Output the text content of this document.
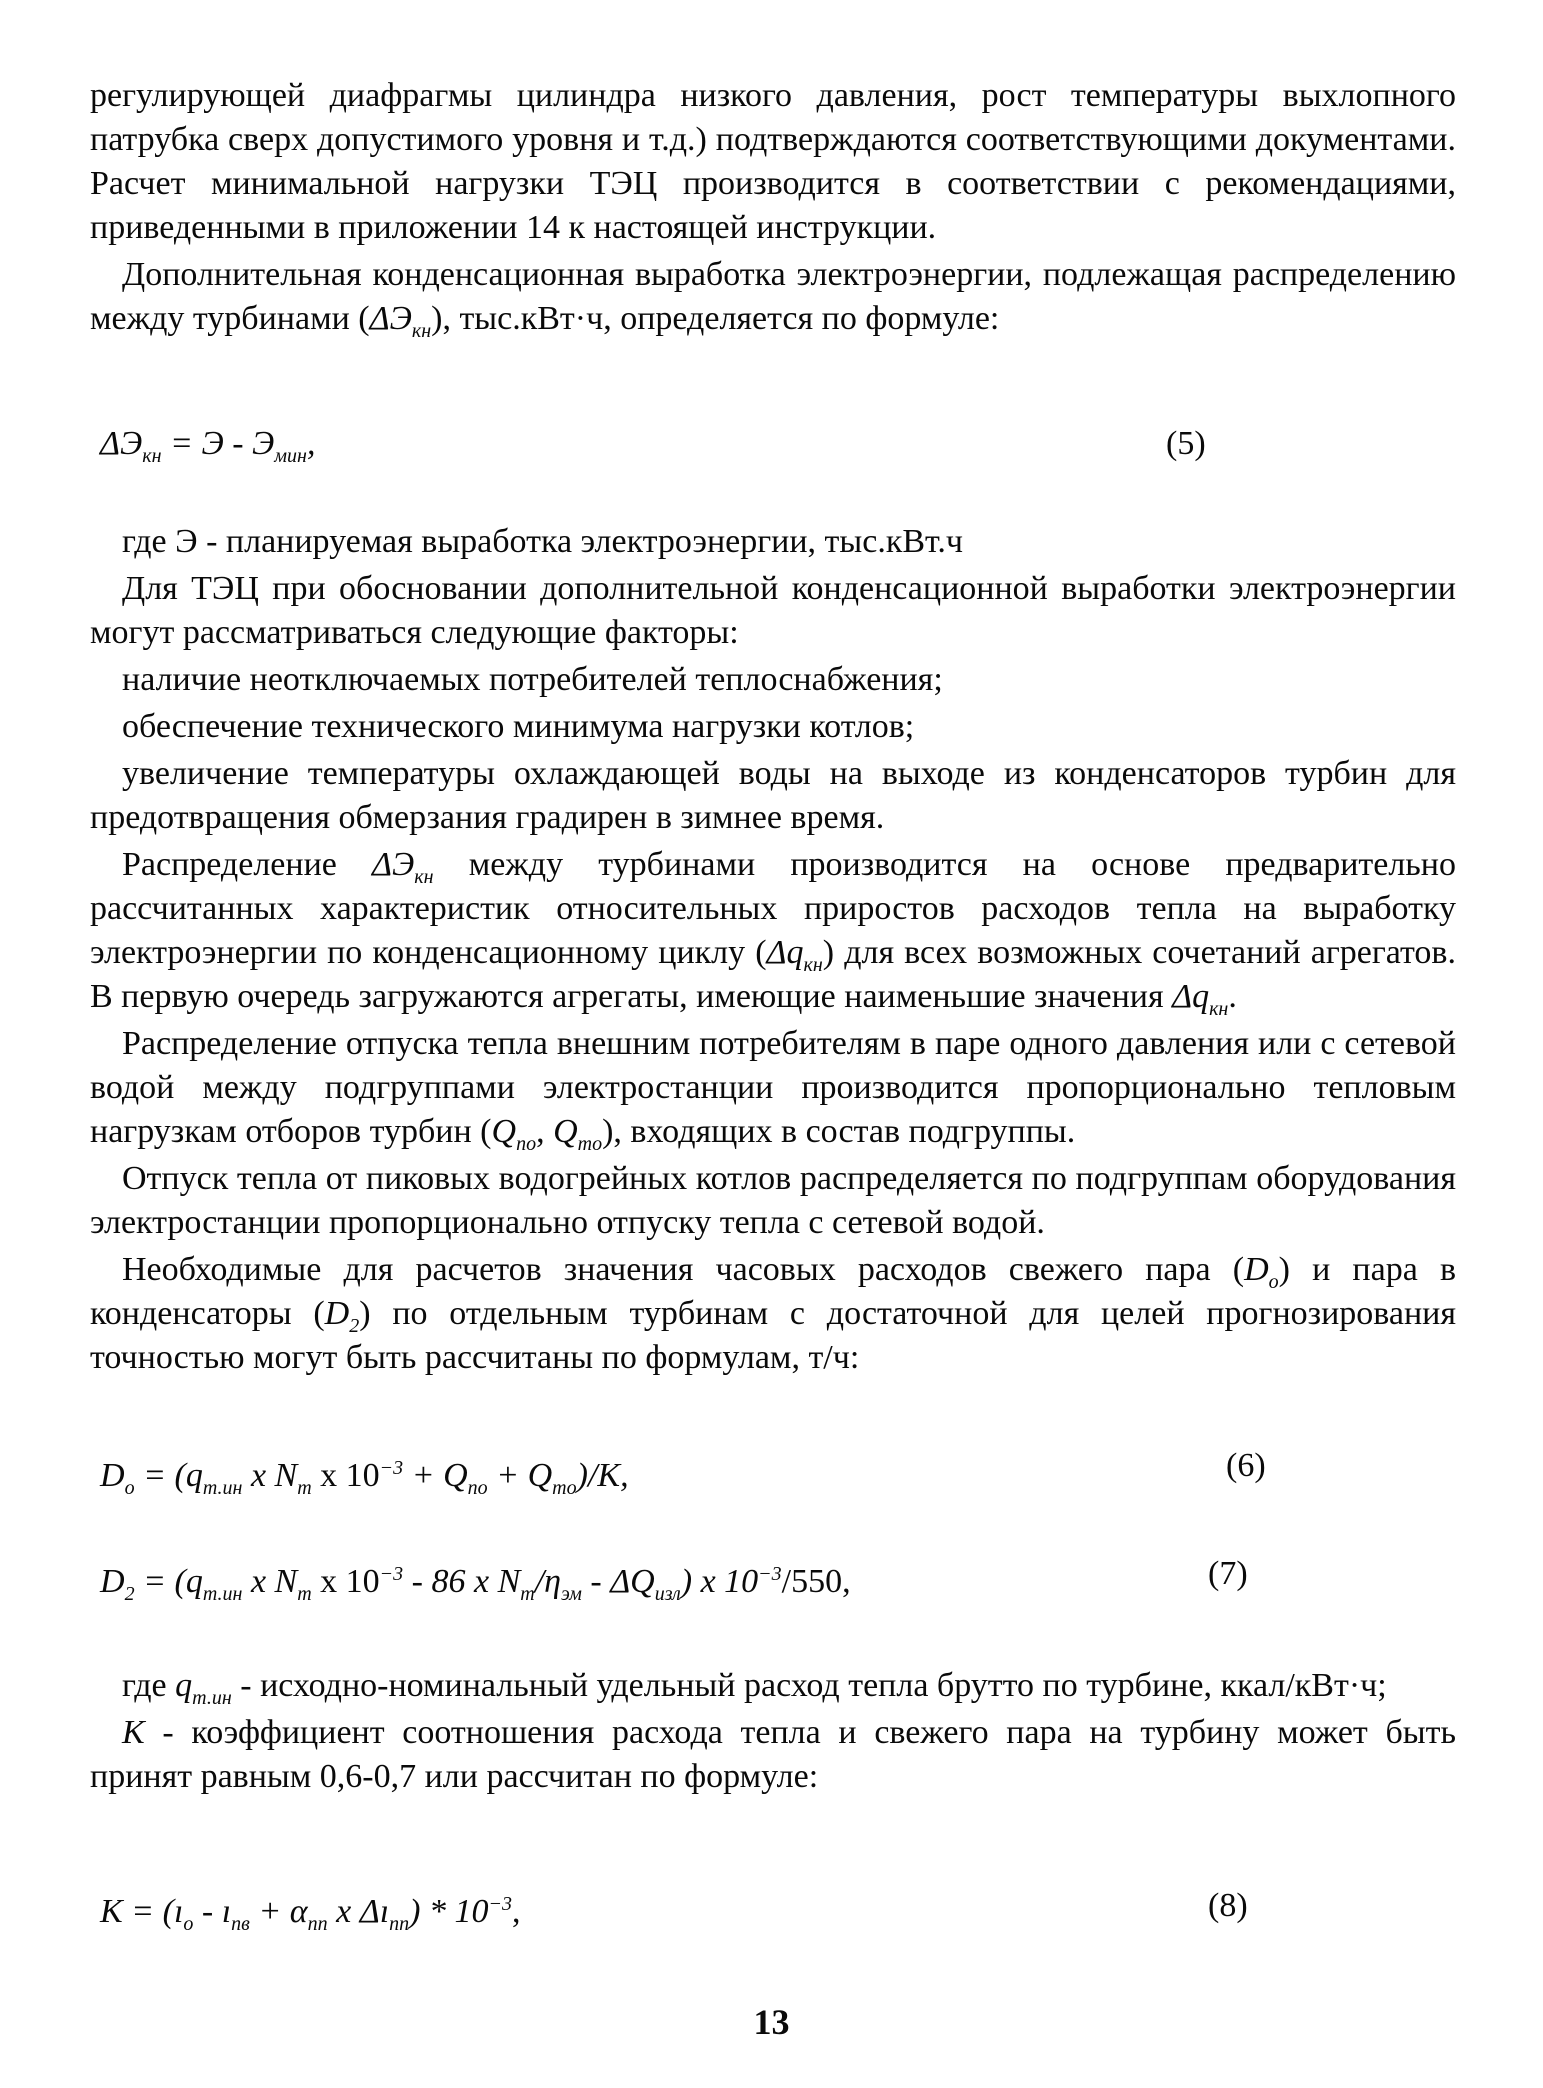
регулирующей диафрагмы цилиндра низкого давления, рост температуры выхлопного патрубка сверх допустимого уровня и т.д.) подтверждаются соответствующими документами. Расчет минимальной нагрузки ТЭЦ производится в соответствии с рекомендациями, приведенными в приложении 14 к настоящей инструкции.

Дополнительная конденсационная выработка электроэнергии, подлежащая распределению между турбинами $(\Delta Э_{кн})$, тыс.кВт·ч, определяется по формуле:

$\Delta Э_{кн} = Э - Э_{мин}$,	(5)

где Э - планируемая выработка электроэнергии, тыс.кВт.ч

Для ТЭЦ при обосновании дополнительной конденсационной выработки электроэнергии могут рассматриваться следующие факторы:

наличие неотключаемых потребителей теплоснабжения;

обеспечение технического минимума нагрузки котлов;

увеличение температуры охлаждающей воды на выходе из конденсаторов турбин для предотвращения обмерзания градирен в зимнее время.

Распределение $\Delta Э_{кн}$ между турбинами производится на основе предварительно рассчитанных характеристик относительных приростов расходов тепла на выработку электроэнергии по конденсационному циклу $(\Delta q_{кн})$ для всех возможных сочетаний агрегатов. В первую очередь загружаются агрегаты, имеющие наименьшие значения $\Delta q_{кн}$.

Распределение отпуска тепла внешним потребителям в паре одного давления или с сетевой водой между подгруппами электростанции производится пропорционально тепловым нагрузкам отборов турбин ($Q_{по}$, $Q_{то}$), входящих в состав подгруппы.

Отпуск тепла от пиковых водогрейных котлов распределяется по подгруппам оборудования электростанции пропорционально отпуску тепла с сетевой водой.

Необходимые для расчетов значения часовых расходов свежего пара $(D_о)$ и пара в конденсаторы $(D_2)$ по отдельным турбинам с достаточной для целей прогнозирования точностью могут быть рассчитаны по формулам, т/ч:

$D_о = (q_{т.ин}$ x $N_т$ x $10^{-3} + Q_{по} + Q_{то})/K$,	(6)
$D_2 = (q_{т.ин}$ x $N_т$ x $10^{-3} - 86$ x $N_т/\eta_{эм} - \Delta Q_{изл}$) x $10^{-3}/550$,	(7)

где $q_{т.ин}$ - исходно-номинальный удельный расход тепла брутто по турбине, ккал/кВт·ч;

K - коэффициент соотношения расхода тепла и свежего пара на турбину может быть принят равным 0,6-0,7 или рассчитан по формуле:

$K = (ı_о$ - $ı_{пв} + \alpha_{пп}$ x $\Delta ı_{пп}) * 10^{-3}$,	(8)
13
